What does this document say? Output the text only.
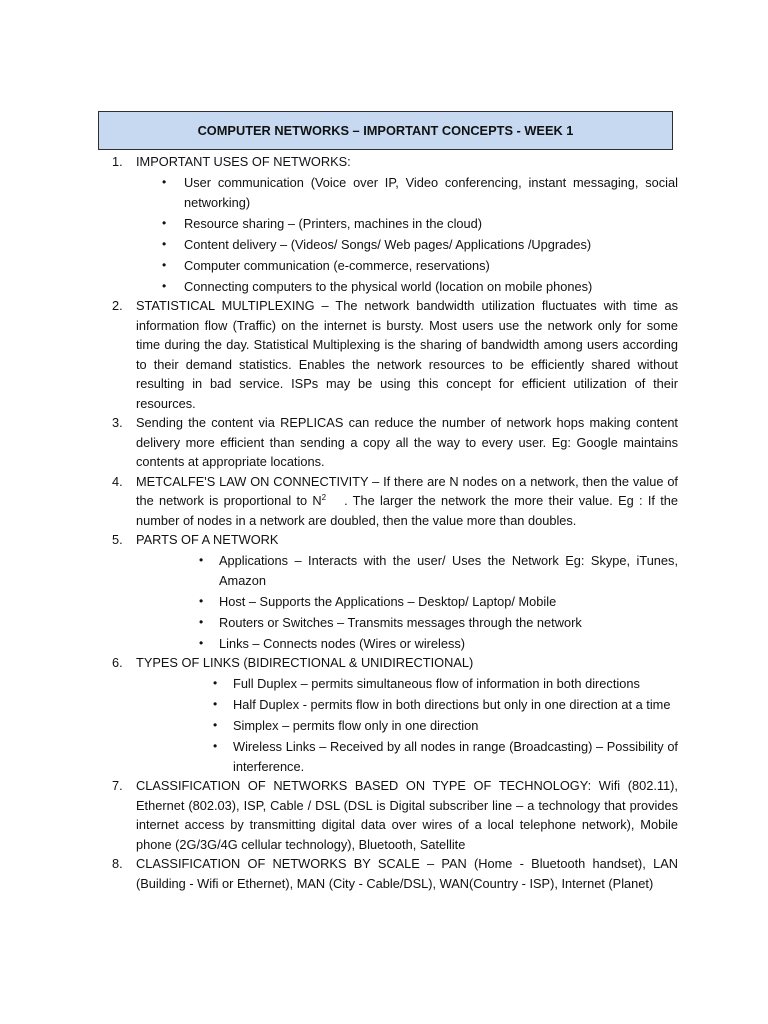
COMPUTER NETWORKS – IMPORTANT CONCEPTS - WEEK 1
1. IMPORTANT USES OF NETWORKS:
• User communication (Voice over IP, Video conferencing, instant messaging, social networking)
• Resource sharing – (Printers, machines in the cloud)
• Content delivery – (Videos/ Songs/ Web pages/ Applications /Upgrades)
• Computer communication (e-commerce, reservations)
• Connecting computers to the physical world (location on mobile phones)
2. STATISTICAL MULTIPLEXING – The network bandwidth utilization fluctuates with time as information flow (Traffic) on the internet is bursty. Most users use the network only for some time during the day. Statistical Multiplexing is the sharing of bandwidth among users according to their demand statistics. Enables the network resources to be efficiently shared without resulting in bad service. ISPs may be using this concept for efficient utilization of their resources.
3. Sending the content via REPLICAS can reduce the number of network hops making content delivery more efficient than sending a copy all the way to every user. Eg: Google maintains contents at appropriate locations.
4. METCALFE'S LAW ON CONNECTIVITY – If there are N nodes on a network, then the value of the network is proportional to $N^2$ . The larger the network the more their value. Eg : If the number of nodes in a network are doubled, then the value more than doubles.
5. PARTS OF A NETWORK
• Applications – Interacts with the user/ Uses the Network Eg: Skype, iTunes, Amazon
• Host – Supports the Applications – Desktop/ Laptop/ Mobile
• Routers or Switches – Transmits messages through the network
• Links – Connects nodes (Wires or wireless)
6. TYPES OF LINKS (BIDIRECTIONAL & UNIDIRECTIONAL)
• Full Duplex – permits simultaneous flow of information in both directions
• Half Duplex - permits flow in both directions but only in one direction at a time
• Simplex – permits flow only in one direction
• Wireless Links – Received by all nodes in range (Broadcasting) – Possibility of interference.
7. CLASSIFICATION OF NETWORKS BASED ON TYPE OF TECHNOLOGY: Wifi (802.11), Ethernet (802.03), ISP, Cable / DSL (DSL is Digital subscriber line – a technology that provides internet access by transmitting digital data over wires of a local telephone network), Mobile phone (2G/3G/4G cellular technology), Bluetooth, Satellite
8. CLASSIFICATION OF NETWORKS BY SCALE – PAN (Home - Bluetooth handset), LAN (Building - Wifi or Ethernet), MAN (City - Cable/DSL), WAN(Country - ISP), Internet (Planet)
